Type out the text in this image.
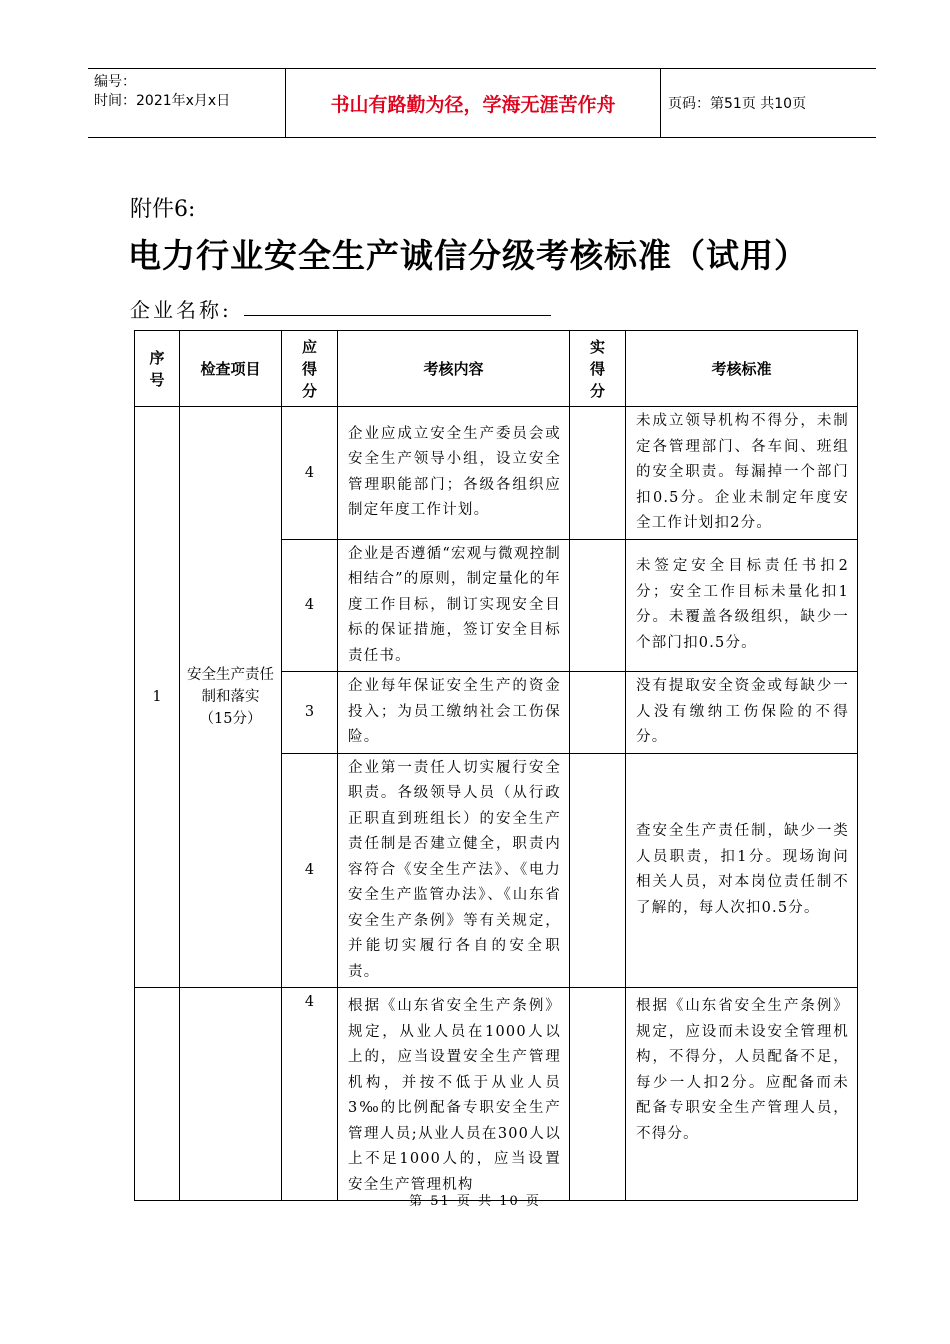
编号：
时间：2021年x月x日	书山有路勤为径，学海无涯苦作舟	页码：第51页 共10页
附件6:
电力行业安全生产诚信分级考核标准（试用）
企业名称:
序号	检查项目	应得分	考核内容	实得分	考核标准
1	安全生产责任制和落实（15分）	4	企业应成立安全生产委员会或安全生产领导小组，设立安全管理职能部门；各级各组织应制定年度工作计划。		未成立领导机构不得分，未制定各管理部门、各车间、班组的安全职责。每漏掉一个部门扣0.5分。企业未制定年度安全工作计划扣2分。
		4	企业是否遵循“宏观与微观控制相结合”的原则，制定量化的年度工作目标，制订实现安全目标的保证措施，签订安全目标责任书。		未签定安全目标责任书扣2分；安全工作目标未量化扣1分。未覆盖各级组织，缺少一个部门扣0.5分。
		3	企业每年保证安全生产的资金投入；为员工缴纳社会工伤保险。		没有提取安全资金或每缺少一人没有缴纳工伤保险的不得分。
		4	企业第一责任人切实履行安全职责。各级领导人员（从行政正职直到班组长）的安全生产责任制是否建立健全，职责内容符合《安全生产法》、《电力安全生产监管办法》、《山东省安全生产条例》等有关规定，并能切实履行各自的安全职责。		查安全生产责任制，缺少一类人员职责，扣1分。现场询问相关人员，对本岗位责任制不了解的，每人次扣0.5分。
		4	根据《山东省安全生产条例》规定，从业人员在1000人以上的，应当设置安全生产管理机构，并按不低于从业人员3‰的比例配备专职安全生产管理人员;从业人员在300人以上不足1000人的，应当设置安全生产管理机构		根据《山东省安全生产条例》规定，应设而未设安全管理机构，不得分，人员配备不足，每少一人扣2分。应配备而未配备专职安全生产管理人员，不得分。
第 51 页 共 10 页
